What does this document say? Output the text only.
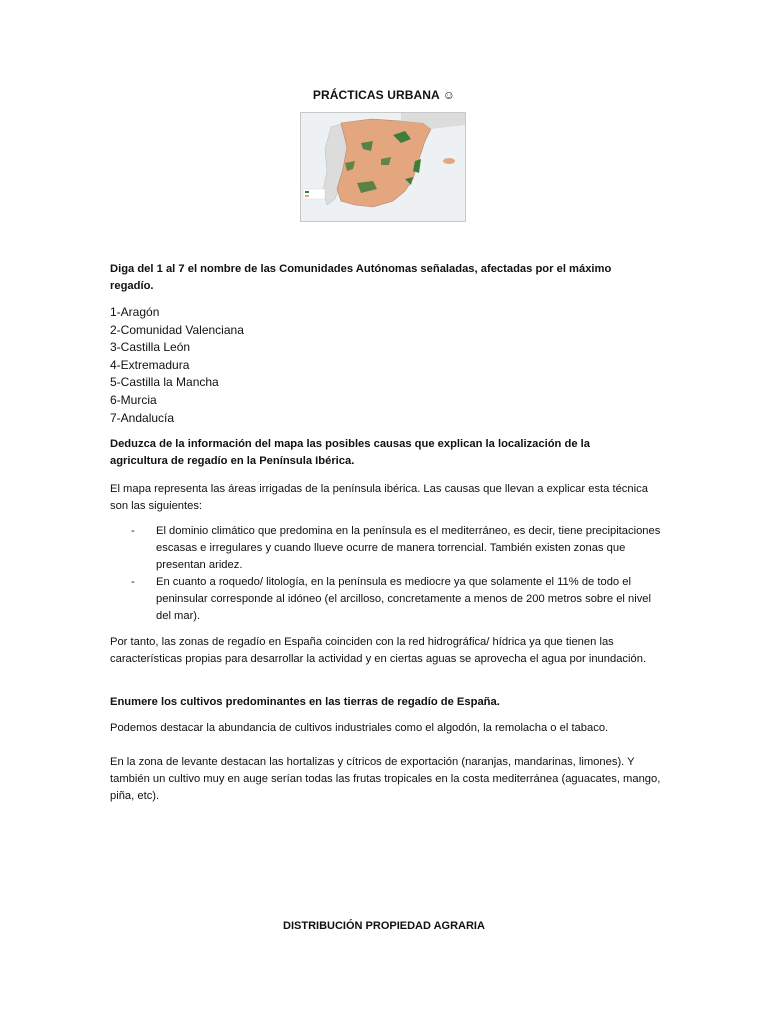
PRÁCTICAS URBANA ☺
Diga del 1 al 7 el nombre de las Comunidades Autónomas señaladas, afectadas por el máximo regadío.
1-Aragón
2-Comunidad Valenciana
3-Castilla León
4-Extremadura
5-Castilla la Mancha
6-Murcia
7-Andalucía
Deduzca de la información del mapa las posibles causas que explican la localización de la agricultura de regadío en la Península Ibérica.
El mapa representa las áreas irrigadas de la península ibérica. Las causas que llevan a explicar esta técnica son las siguientes:
- El dominio climático que predomina en la península es el mediterráneo, es decir, tiene precipitaciones escasas e irregulares y cuando llueve ocurre de manera torrencial. También existen zonas que presentan aridez.
- En cuanto a roquedo/ litología, en la península es mediocre ya que solamente el 11% de todo el peninsular corresponde al idóneo (el arcilloso, concretamente a menos de 200 metros sobre el nivel del mar).
Por tanto, las zonas de regadío en España coinciden con la red hidrográfica/ hídrica ya que tienen las características propias para desarrollar la actividad y en ciertas aguas se aprovecha el agua por inundación.
Enumere los cultivos predominantes en las tierras de regadío de España.
Podemos destacar la abundancia de cultivos industriales como el algodón, la remolacha o el tabaco.
En la zona de levante destacan las hortalizas y cítricos de exportación (naranjas, mandarinas, limones). Y también un cultivo muy en auge serían todas las frutas tropicales en la costa mediterránea (aguacates, mango, piña, etc).
DISTRIBUCIÓN PROPIEDAD AGRARIA
